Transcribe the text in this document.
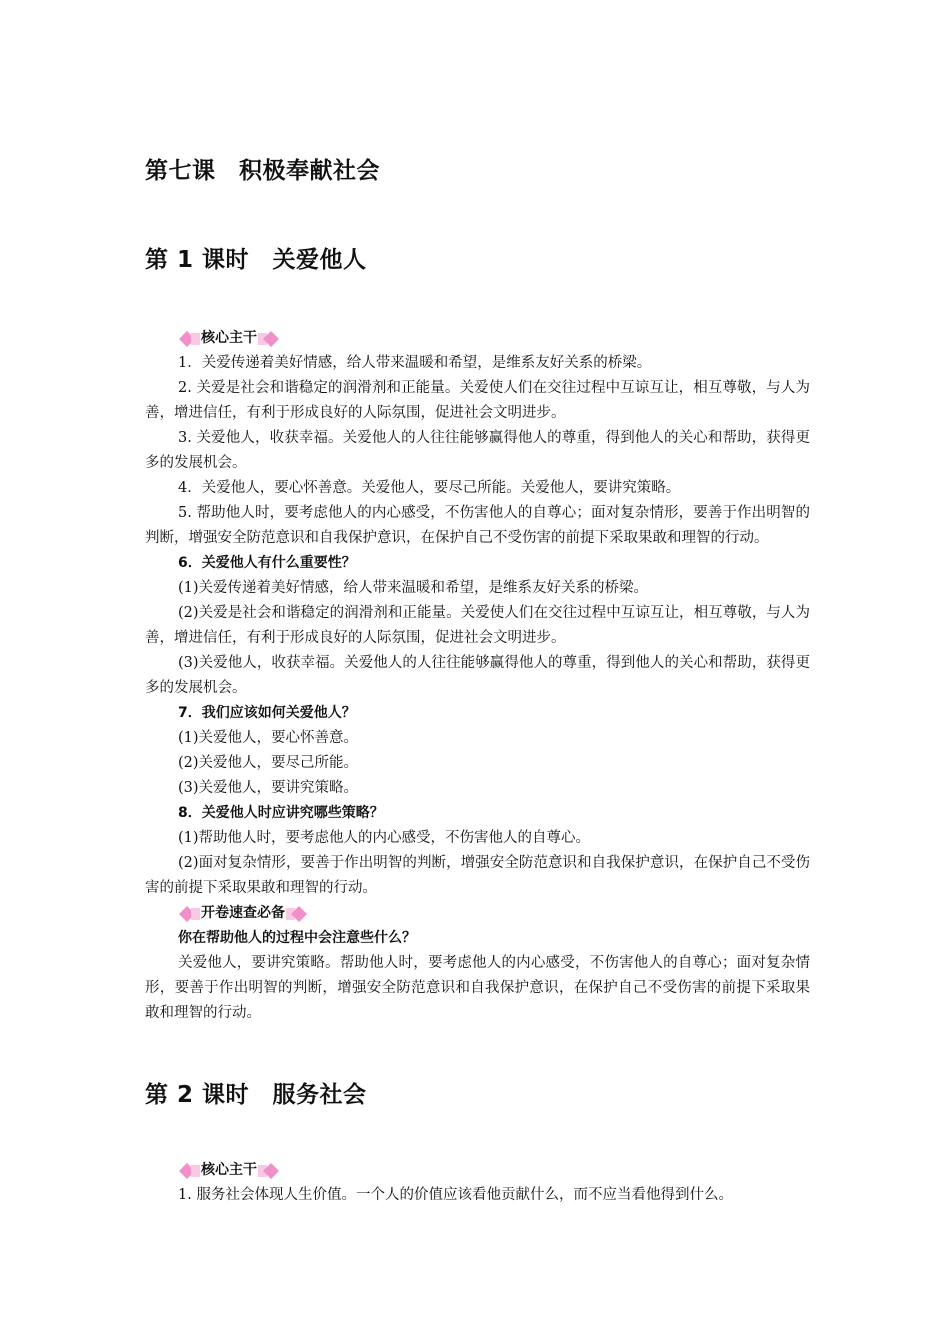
第七课　积极奉献社会
第 1 课时　关爱他人
核心主干

1．关爱传递着美好情感，给人带来温暖和希望，是维系友好关系的桥梁。

2. 关爱是社会和谐稳定的润滑剂和正能量。关爱使人们在交往过程中互谅互让，相互尊敬，与人为善，增进信任，有利于形成良好的人际氛围，促进社会文明进步。

3. 关爱他人，收获幸福。关爱他人的人往往能够赢得他人的尊重，得到他人的关心和帮助，获得更多的发展机会。

4．关爱他人，要心怀善意。关爱他人，要尽己所能。关爱他人，要讲究策略。

5. 帮助他人时，要考虑他人的内心感受，不伤害他人的自尊心；面对复杂情形，要善于作出明智的判断，增强安全防范意识和自我保护意识，在保护自己不受伤害的前提下采取果敢和理智的行动。

6．关爱他人有什么重要性？

(1)关爱传递着美好情感，给人带来温暖和希望，是维系友好关系的桥梁。

(2)关爱是社会和谐稳定的润滑剂和正能量。关爱使人们在交往过程中互谅互让，相互尊敬，与人为善，增进信任，有利于形成良好的人际氛围，促进社会文明进步。

(3)关爱他人，收获幸福。关爱他人的人往往能够赢得他人的尊重，得到他人的关心和帮助，获得更多的发展机会。

7．我们应该如何关爱他人？

(1)关爱他人，要心怀善意。

(2)关爱他人，要尽己所能。

(3)关爱他人，要讲究策略。

8．关爱他人时应讲究哪些策略？

(1)帮助他人时，要考虑他人的内心感受，不伤害他人的自尊心。

(2)面对复杂情形，要善于作出明智的判断，增强安全防范意识和自我保护意识，在保护自己不受伤害的前提下采取果敢和理智的行动。

开卷速查必备

你在帮助他人的过程中会注意些什么？

关爱他人，要讲究策略。帮助他人时，要考虑他人的内心感受，不伤害他人的自尊心；面对复杂情形，要善于作出明智的判断，增强安全防范意识和自我保护意识，在保护自己不受伤害的前提下采取果敢和理智的行动。

第 2 课时　服务社会
核心主干

1. 服务社会体现人生价值。一个人的价值应该看他贡献什么，而不应当看他得到什么。
